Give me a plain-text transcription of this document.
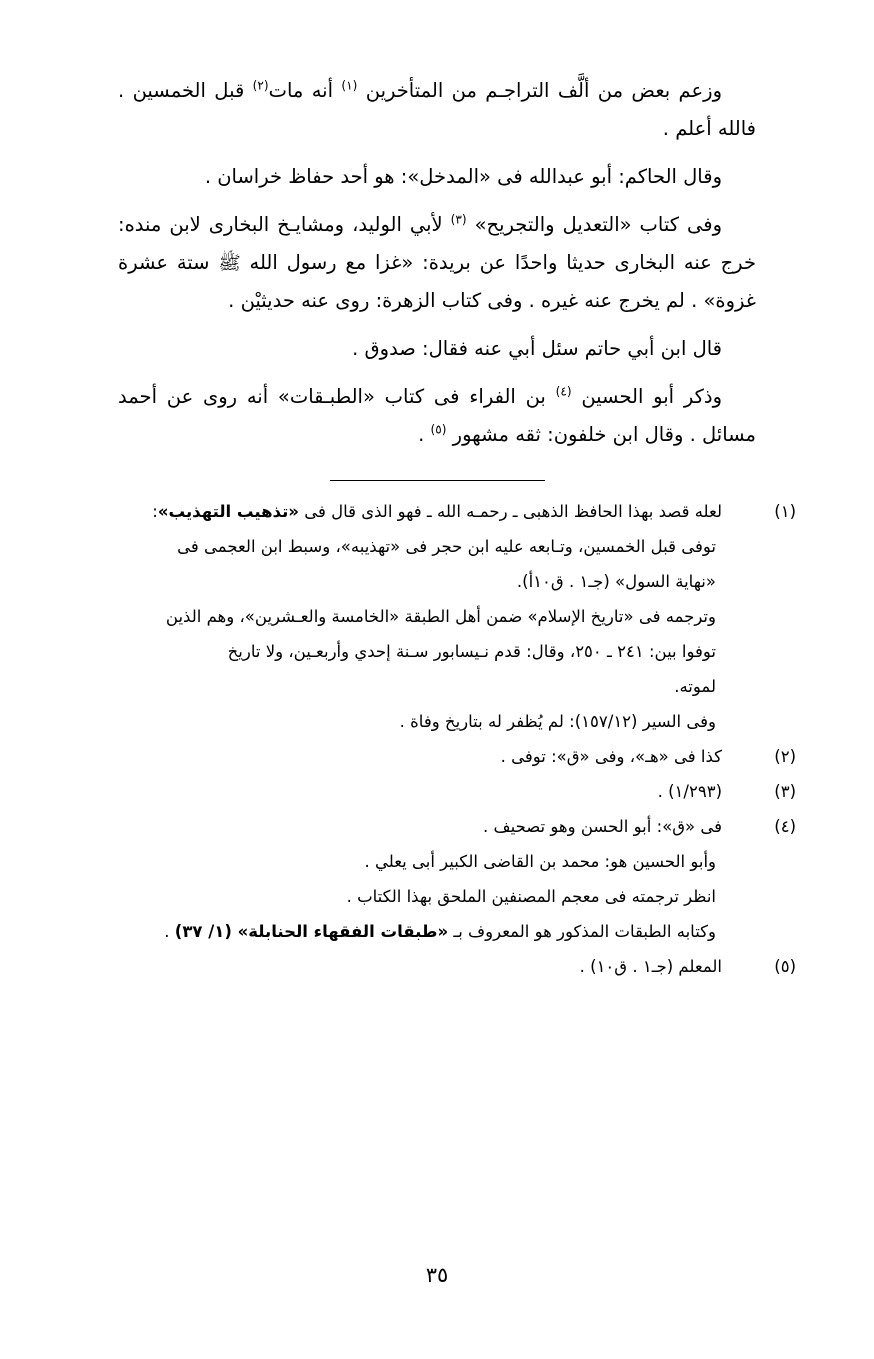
وزعم بعض من ألَّف التراجـم من المتأخرين $^{(١)}$ أنه مات$^{(٢)}$ قبل الخمسين . فالله أعلم .

وقال الحاكم: أبو عبدالله فى «المدخل»: هو أحد حفاظ خراسان .

وفى كتاب «التعديل والتجريح» $^{(٣)}$ لأبي الوليد، ومشايـخ البخارى لابن منده: خرج عنه البخارى حديثا واحدًا عن بريدة: «غزا مع رسول الله ﷺ ستة عشرة غزوة» . لم يخرج عنه غيره . وفى كتاب الزهرة: روى عنه حديثيْن .

قال ابن أبي حاتم سئل أبي عنه فقال: صدوق .

وذكر أبو الحسين $^{(٤)}$ بن الفراء فى كتاب «الطبـقات» أنه روى عن أحمد مسائل . وقال ابن خلفون: ثقه مشهور $^{(٥)}$ .

(١)لعله قصد بهذا الحافظ الذهبى ـ رحمـه الله ـ فهو الذى قال فى «تذهيب التهذيب»:

توفى قبل الخمسين، وتـابعه عليه ابن حجر فى «تهذيبه»، وسبط ابن العجمى فى

«نهاية السول» (جـ١ . ق١٠أ).

وترجمه فى «تاريخ الإسلام» ضمن أهل الطبقة «الخامسة والعـشرين»، وهم الذين

توفوا بين: ٢٤١ ـ ٢٥٠، وقال: قدم نـيسابور سـنة إحدي وأربعـين، ولا تاريخ

لموته.

وفى السير (١٥٧/١٢): لم يُظفر له بتاريخ وفاة .

(٢)كذا فى «هـ»، وفى «ق»: توفى .

(٣)(١/٢٩٣) .

(٤)فى «ق»: أبو الحسن وهو تصحيف .

وأبو الحسين هو: محمد بن القاضى الكبير أبى يعلي .

انظر ترجمته فى معجم المصنفين الملحق بهذا الكتاب .

وكتابه الطبقات المذكور هو المعروف بـ «طبقات الفقهاء الحنابلة» (١/ ٣٧) .

(٥)المعلم (جـ١ . ق١٠) .

٣٥
